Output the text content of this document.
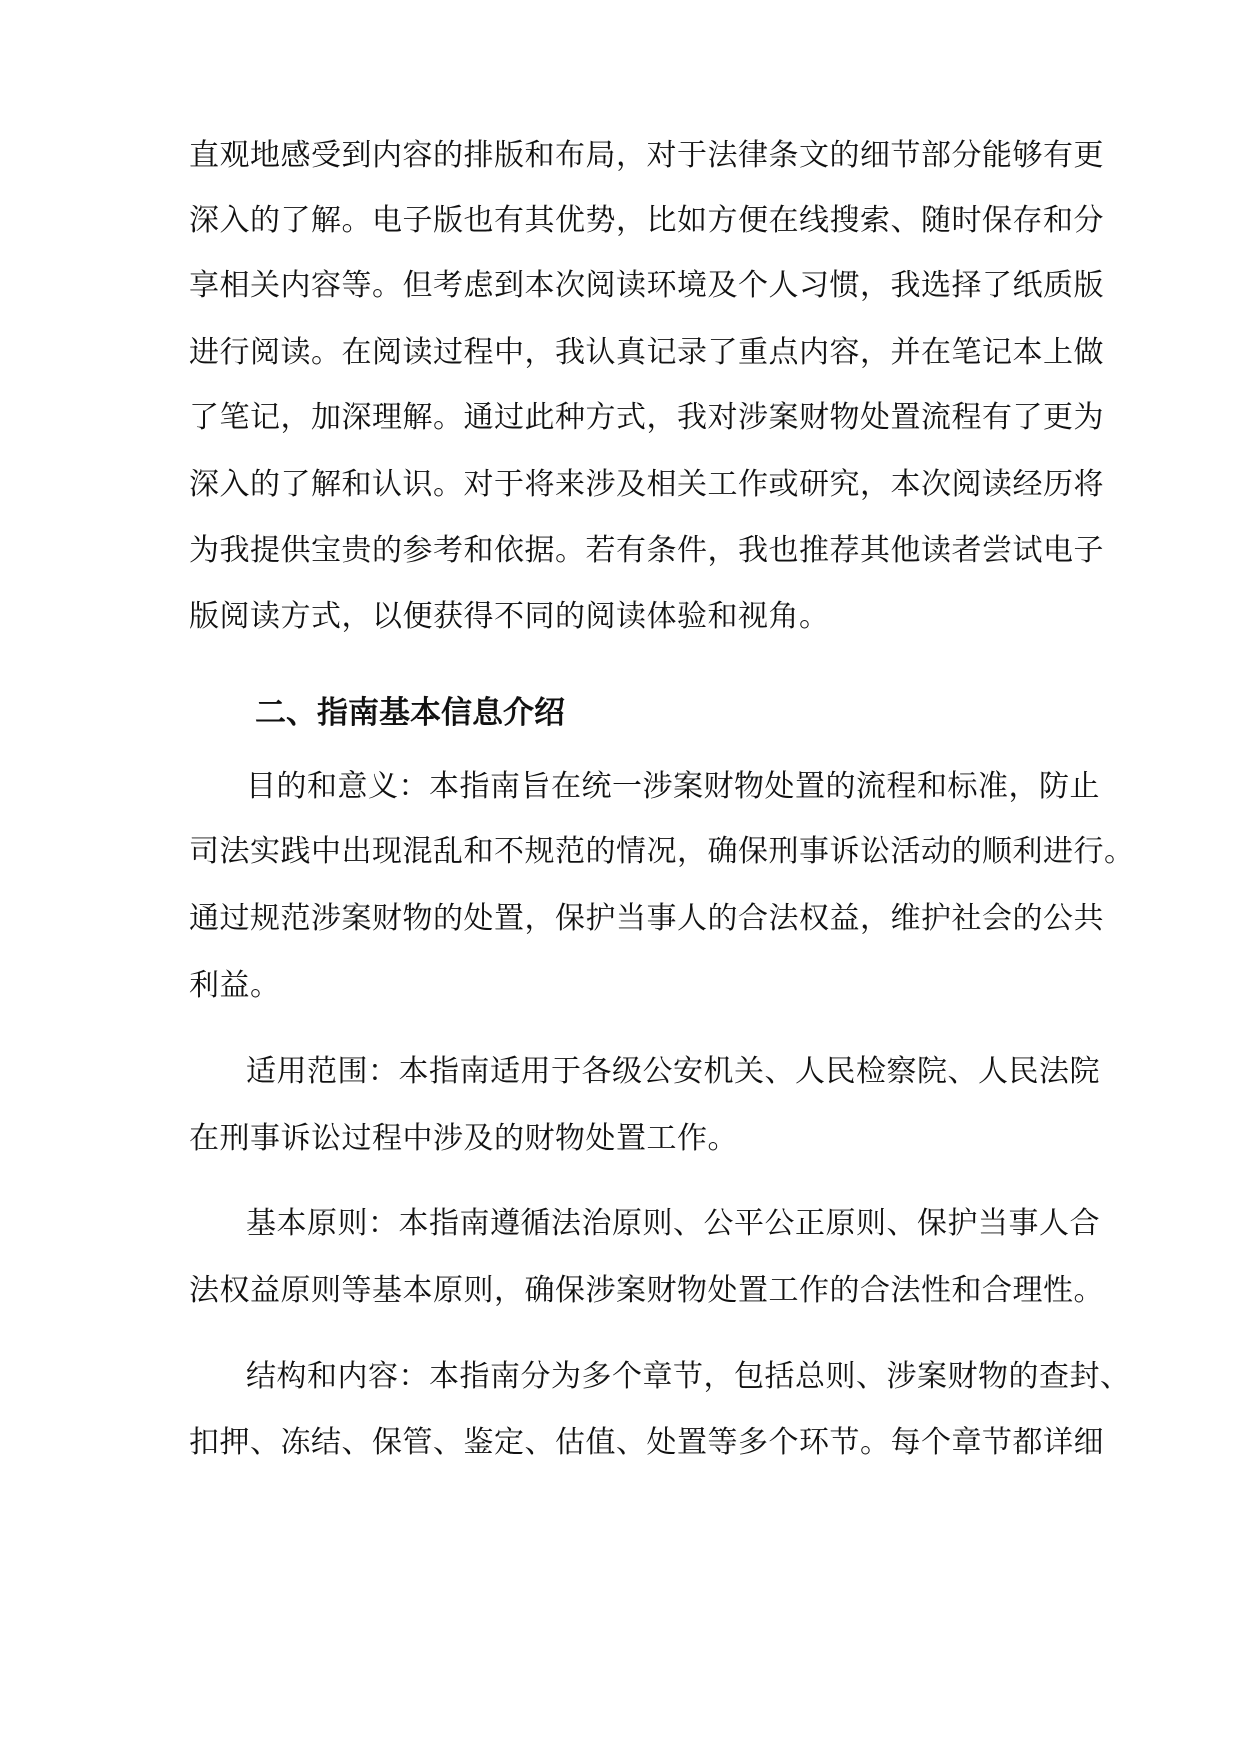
直观地感受到内容的排版和布局，对于法律条文的细节部分能够有更
深入的了解。电子版也有其优势，比如方便在线搜索、随时保存和分
享相关内容等。但考虑到本次阅读环境及个人习惯，我选择了纸质版
进行阅读。在阅读过程中，我认真记录了重点内容，并在笔记本上做
了笔记，加深理解。通过此种方式，我对涉案财物处置流程有了更为
深入的了解和认识。对于将来涉及相关工作或研究，本次阅读经历将
为我提供宝贵的参考和依据。若有条件，我也推荐其他读者尝试电子
版阅读方式，以便获得不同的阅读体验和视角。
二、指南基本信息介绍
目的和意义：本指南旨在统一涉案财物处置的流程和标准，防止
司法实践中出现混乱和不规范的情况，确保刑事诉讼活动的顺利进行。
通过规范涉案财物的处置，保护当事人的合法权益，维护社会的公共
利益。
适用范围：本指南适用于各级公安机关、人民检察院、人民法院
在刑事诉讼过程中涉及的财物处置工作。
基本原则：本指南遵循法治原则、公平公正原则、保护当事人合
法权益原则等基本原则，确保涉案财物处置工作的合法性和合理性。
结构和内容：本指南分为多个章节，包括总则、涉案财物的查封、
扣押、冻结、保管、鉴定、估值、处置等多个环节。每个章节都详细
